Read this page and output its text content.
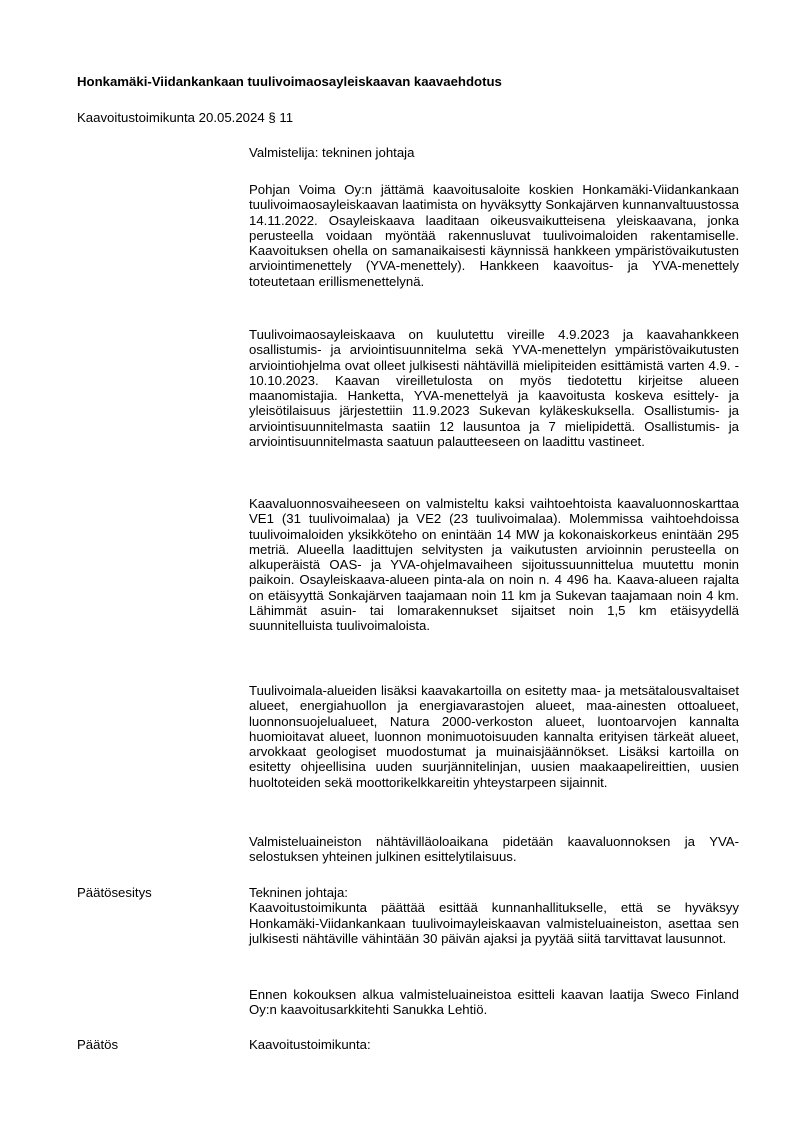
Honkamäki-Viidankankaan tuulivoimaosayleiskaavan kaavaehdotus

Kaavoitustoimikunta 20.05.2024 § 11

Valmistelija: tekninen johtaja

Pohjan Voima Oy:n jättämä kaavoitusaloite koskien Honkamäki-Viidankankaan tuulivoimaosayleiskaavan laatimista on hyväksytty Sonkajärven kunnanvaltuustossa 14.11.2022. Osayleiskaava laaditaan oikeusvaikutteisena yleiskaavana, jonka perusteella voidaan myöntää rakennusluvat tuulivoimaloiden rakentamiselle. Kaavoituksen ohella on samanaikaisesti käynnissä hankkeen ympäristövaikutusten arviointimenettely (YVA-menettely). Hankkeen kaavoitus- ja YVA-menettely toteutetaan erillismenettelynä.

Tuulivoimaosayleiskaava on kuulutettu vireille 4.9.2023 ja kaavahankkeen osallistumis- ja arviointisuunnitelma sekä YVA-menettelyn ympäristövaikutusten arviointiohjelma ovat olleet julkisesti nähtävillä mielipiteiden esittämistä varten 4.9. - 10.10.2023. Kaavan vireilletulosta on myös tiedotettu kirjeitse alueen maanomistajia. Hanketta, YVA-menettelyä ja kaavoitusta koskeva esittely- ja yleisötilaisuus järjestettiin 11.9.2023 Sukevan kyläkeskuksella. Osallistumis- ja arviointisuunnitelmasta saatiin 12 lausuntoa ja 7 mielipidettä. Osallistumis- ja arviointisuunnitelmasta saatuun palautteeseen on laadittu vastineet.

Kaavaluonnosvaiheeseen on valmisteltu kaksi vaihtoehtoista kaavaluonnoskarttaa VE1 (31 tuulivoimalaa) ja VE2 (23 tuulivoimalaa). Molemmissa vaihtoehdoissa tuulivoimaloiden yksikköteho on enintään 14 MW ja kokonaiskorkeus enintään 295 metriä. Alueella laadittujen selvitysten ja vaikutusten arvioinnin perusteella on alkuperäistä OAS- ja YVA-ohjelmavaiheen sijoitussuunnittelua muutettu monin paikoin. Osayleiskaava-alueen pinta-ala on noin n. 4 496 ha. Kaava-alueen rajalta on etäisyyttä Sonkajärven taajamaan noin 11 km ja Sukevan taajamaan noin 4 km. Lähimmät asuin- tai lomarakennukset sijaitset noin 1,5 km etäisyydellä suunnitelluista tuulivoimaloista.

Tuulivoimala-alueiden lisäksi kaavakartoilla on esitetty maa- ja metsätalousvaltaiset alueet, energiahuollon ja energiavarastojen alueet, maa-ainesten ottoalueet, luonnonsuojelualueet, Natura 2000-verkoston alueet, luontoarvojen kannalta huomioitavat alueet, luonnon monimuotoisuuden kannalta erityisen tärkeät alueet, arvokkaat geologiset muodostumat ja muinaisjäännökset. Lisäksi kartoilla on esitetty ohjeellisina uuden suurjännitelinjan, uusien maakaapelireittien, uusien huoltoteiden sekä moottorikelkkareitin yhteystarpeen sijainnit.

Valmisteluaineiston nähtävilläoloaikana pidetään kaavaluonnoksen ja YVA-selostuksen yhteinen julkinen esittelytilaisuus.

Päätösesitys	Tekninen johtaja:

Kaavoitustoimikunta päättää esittää kunnanhallitukselle, että se hyväksyy Honkamäki-Viidankankaan tuulivoimayleiskaavan valmisteluaineiston, asettaa sen julkisesti nähtäville vähintään 30 päivän ajaksi ja pyytää siitä tarvittavat lausunnot.

Ennen kokouksen alkua valmisteluaineistoa esitteli kaavan laatija Sweco Finland Oy:n kaavoitusarkkitehti Sanukka Lehtiö.

Päätös	Kaavoitustoimikunta:
